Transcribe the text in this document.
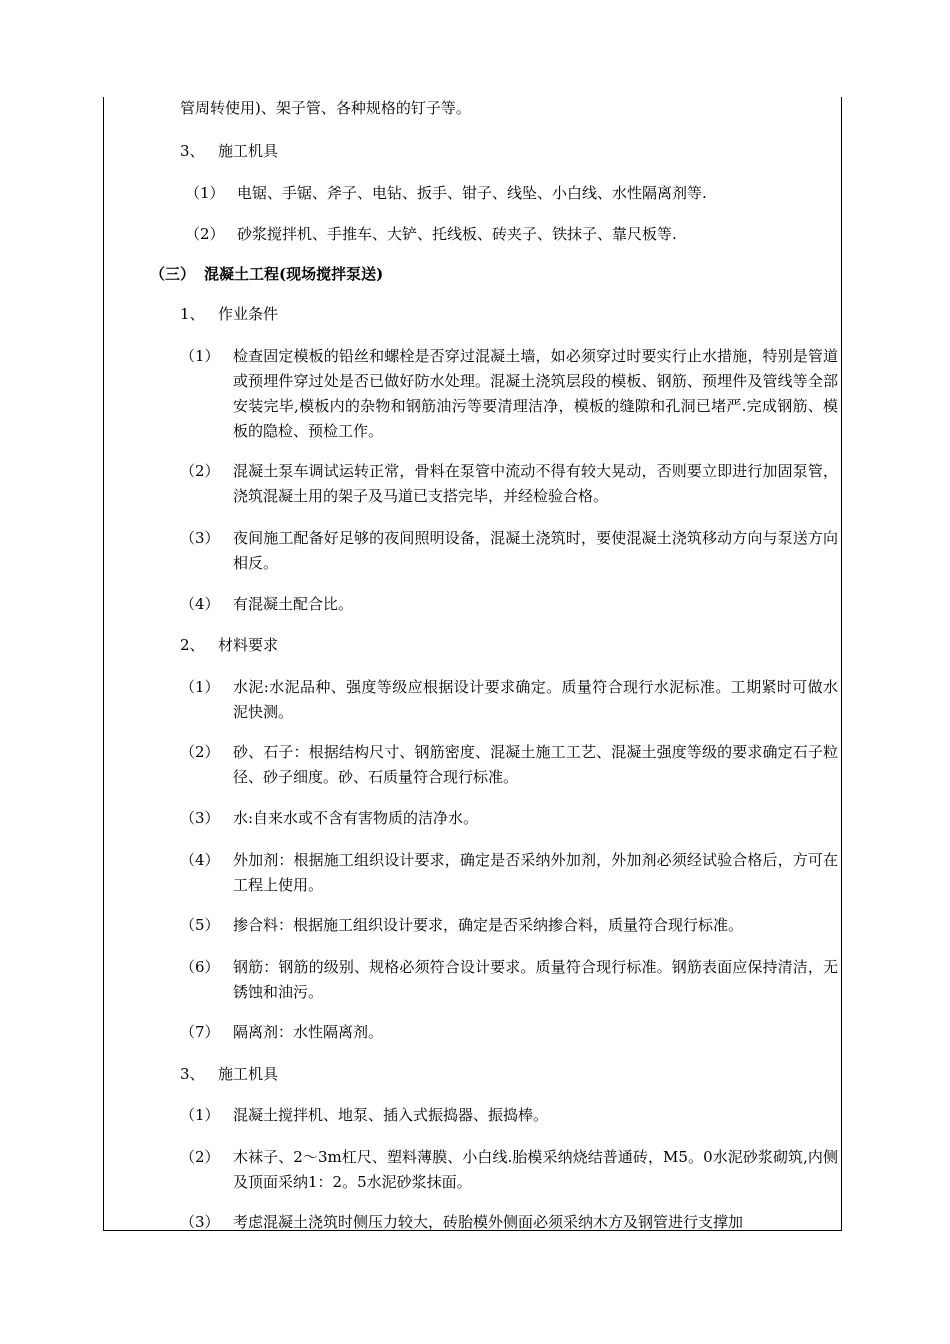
管周转使用)、架子管、各种规格的钉子等。
3、 施工机具
（1） 电锯、手锯、斧子、电钻、扳手、钳子、线坠、小白线、水性隔离剂等.
（2） 砂浆搅拌机、手推车、大铲、托线板、砖夹子、铁抹子、靠尺板等.
（三） 混凝土工程(现场搅拌泵送)
1、 作业条件
（1） 检查固定模板的铅丝和螺栓是否穿过混凝土墙，如必须穿过时要实行止水措施，特别是管道或预埋件穿过处是否已做好防水处理。混凝土浇筑层段的模板、钢筋、预埋件及管线等全部安装完毕,模板内的杂物和钢筋油污等要清理洁净，模板的缝隙和孔洞已堵严.完成钢筋、模板的隐检、预检工作。
（2） 混凝土泵车调试运转正常，骨料在泵管中流动不得有较大晃动，否则要立即进行加固泵管，浇筑混凝土用的架子及马道已支搭完毕，并经检验合格。
（3） 夜间施工配备好足够的夜间照明设备，混凝土浇筑时，要使混凝土浇筑移动方向与泵送方向相反。
（4） 有混凝土配合比。
2、 材料要求
（1） 水泥:水泥品种、强度等级应根据设计要求确定。质量符合现行水泥标准。工期紧时可做水泥快测。
（2） 砂、石子：根据结构尺寸、钢筋密度、混凝土施工工艺、混凝土强度等级的要求确定石子粒径、砂子细度。砂、石质量符合现行标准。
（3） 水:自来水或不含有害物质的洁净水。
（4） 外加剂：根据施工组织设计要求，确定是否采纳外加剂，外加剂必须经试验合格后，方可在工程上使用。
（5） 掺合料：根据施工组织设计要求，确定是否采纳掺合料，质量符合现行标准。
（6） 钢筋：钢筋的级别、规格必须符合设计要求。质量符合现行标准。钢筋表面应保持清洁，无锈蚀和油污。
（7） 隔离剂：水性隔离剂。
3、 施工机具
（1） 混凝土搅拌机、地泵、插入式振捣器、振捣棒。
（2） 木袜子、2～3m杠尺、塑料薄膜、小白线.胎模采纳烧结普通砖，M5。0水泥砂浆砌筑,内侧及顶面采纳1：2。5水泥砂浆抹面。
（3） 考虑混凝土浇筑时侧压力较大，砖胎模外侧面必须采纳木方及钢管进行支撑加
